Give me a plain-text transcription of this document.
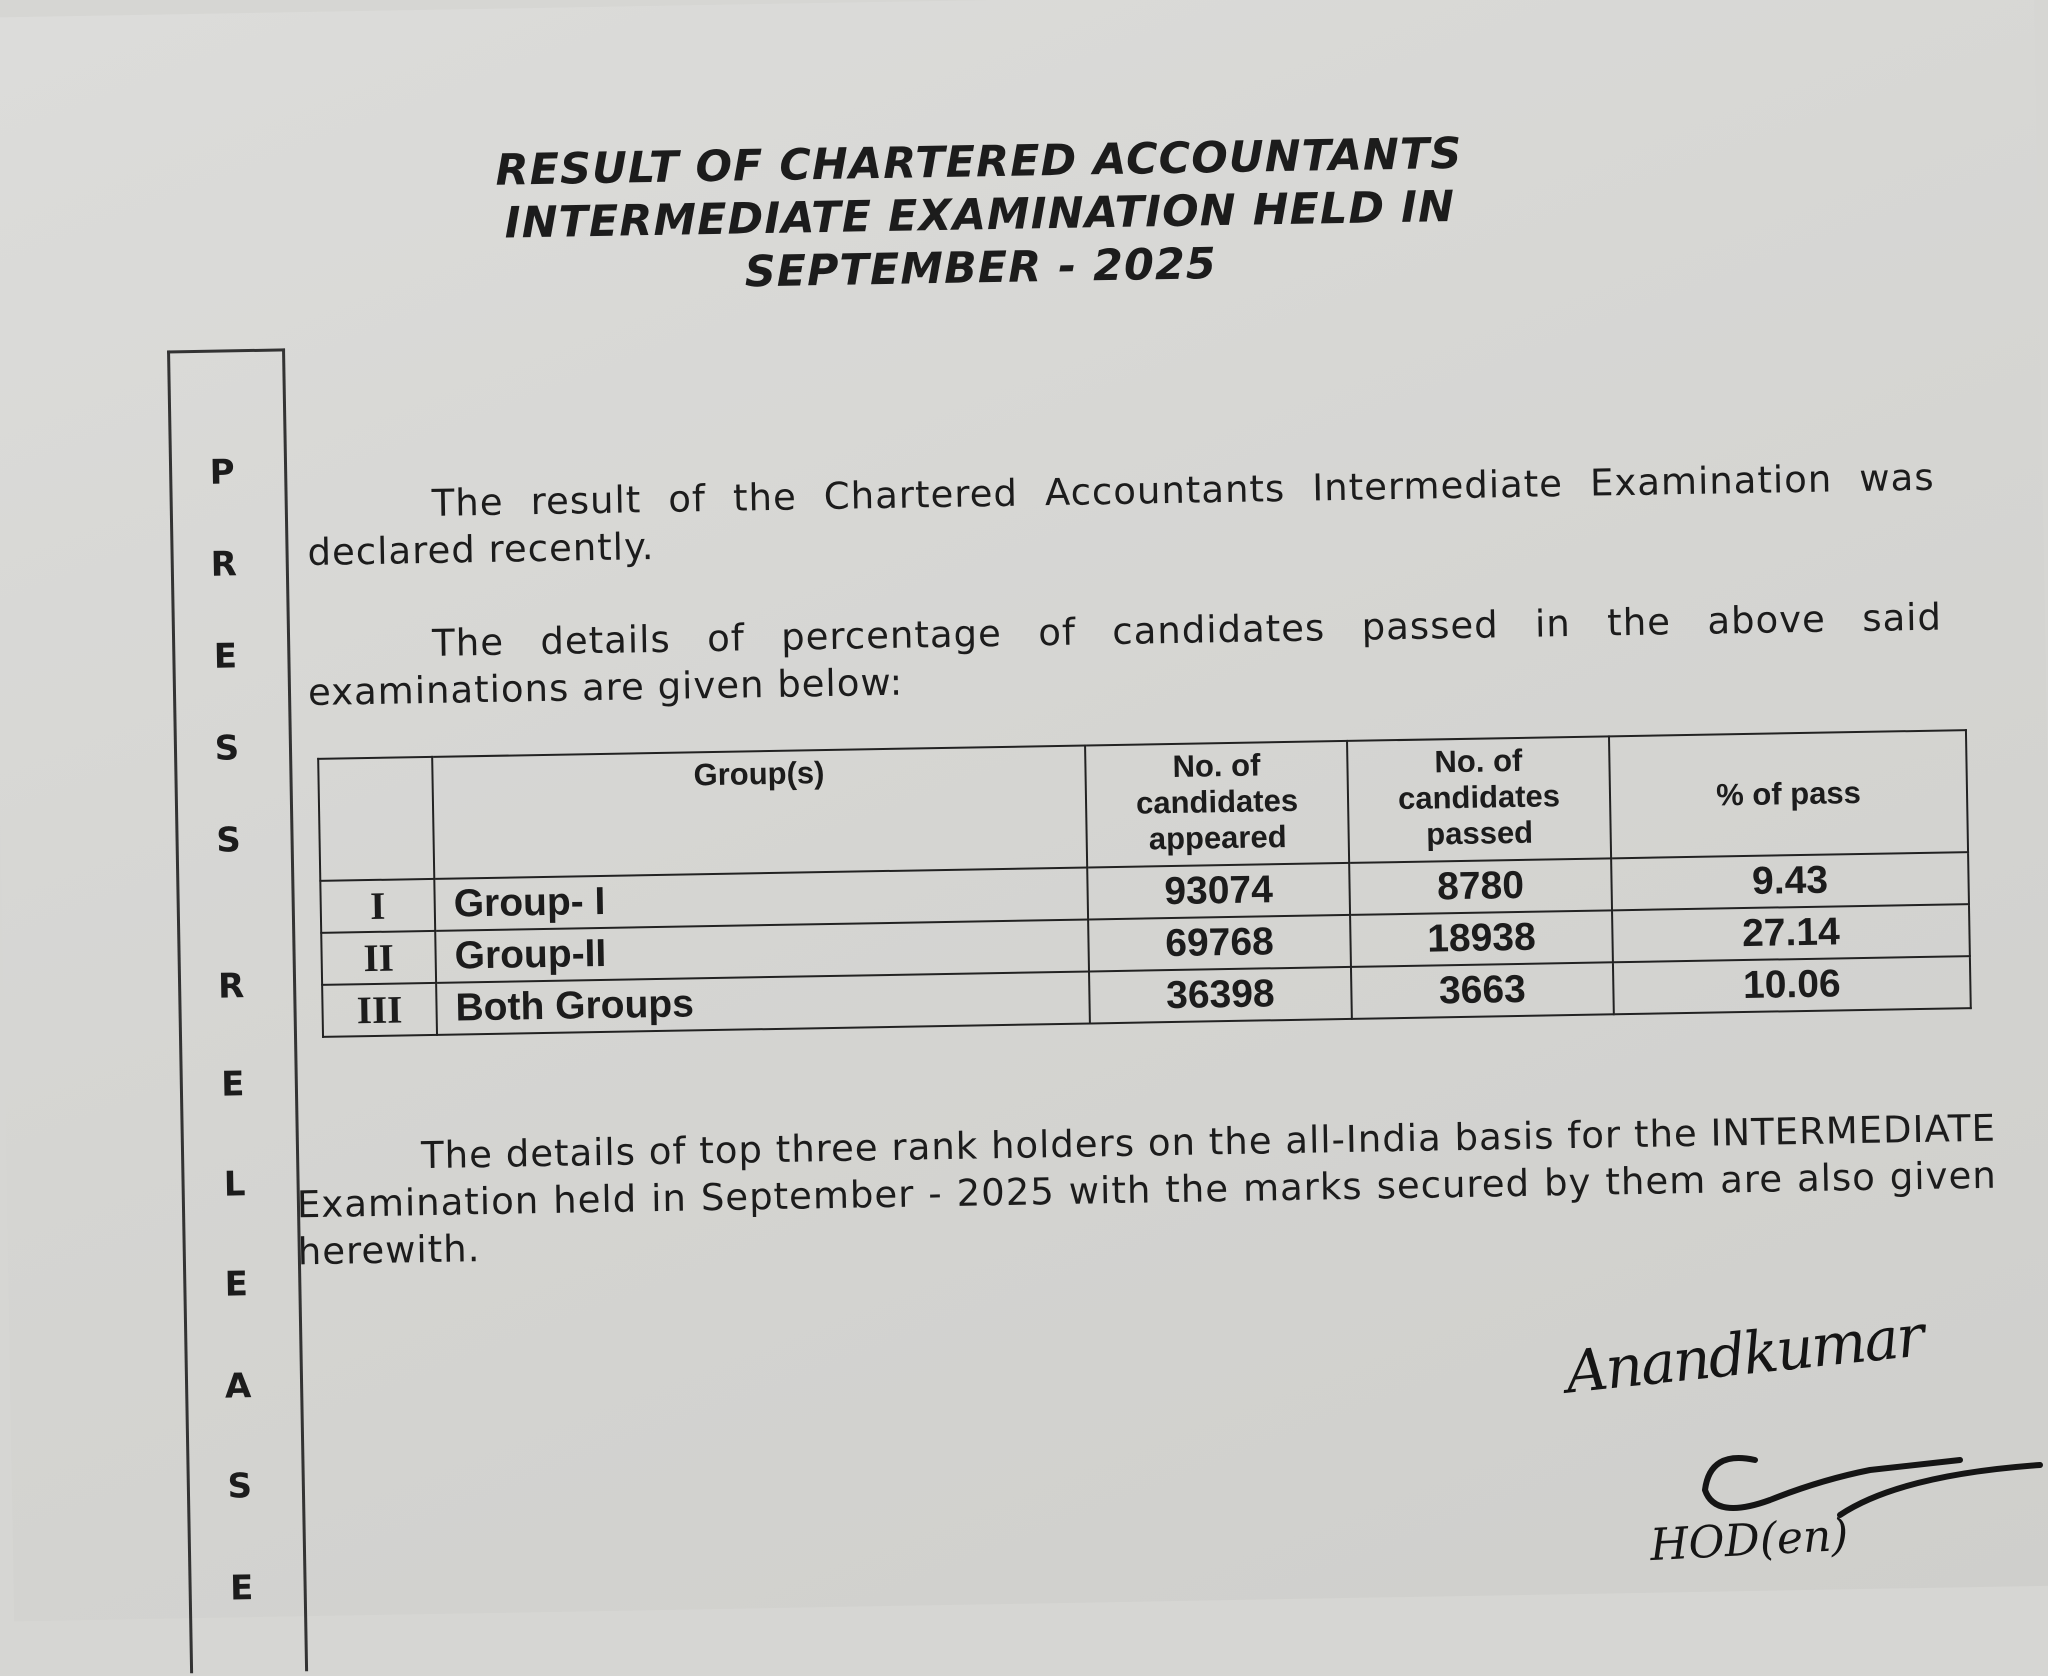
RESULT OF CHARTERED ACCOUNTANTS
INTERMEDIATE EXAMINATION HELD IN
SEPTEMBER - 2025
P
R
E
S
S
R
E
L
E
A
S
E
The result of the Chartered Accountants Intermediate Examination was declared recently.
The details of percentage of candidates passed in the above said examinations are given below:
	Group(s)	No. of candidates appeared	No. of candidates passed	% of pass
I	Group- I	93074	8780	9.43
II	Group-II	69768	18938	27.14
III	Both Groups	36398	3663	10.06
The details of top three rank holders on the all-India basis for the INTERMEDIATE Examination held in September - 2025 with the marks secured by them are also given herewith.
Anandkumar
HOD(en)
